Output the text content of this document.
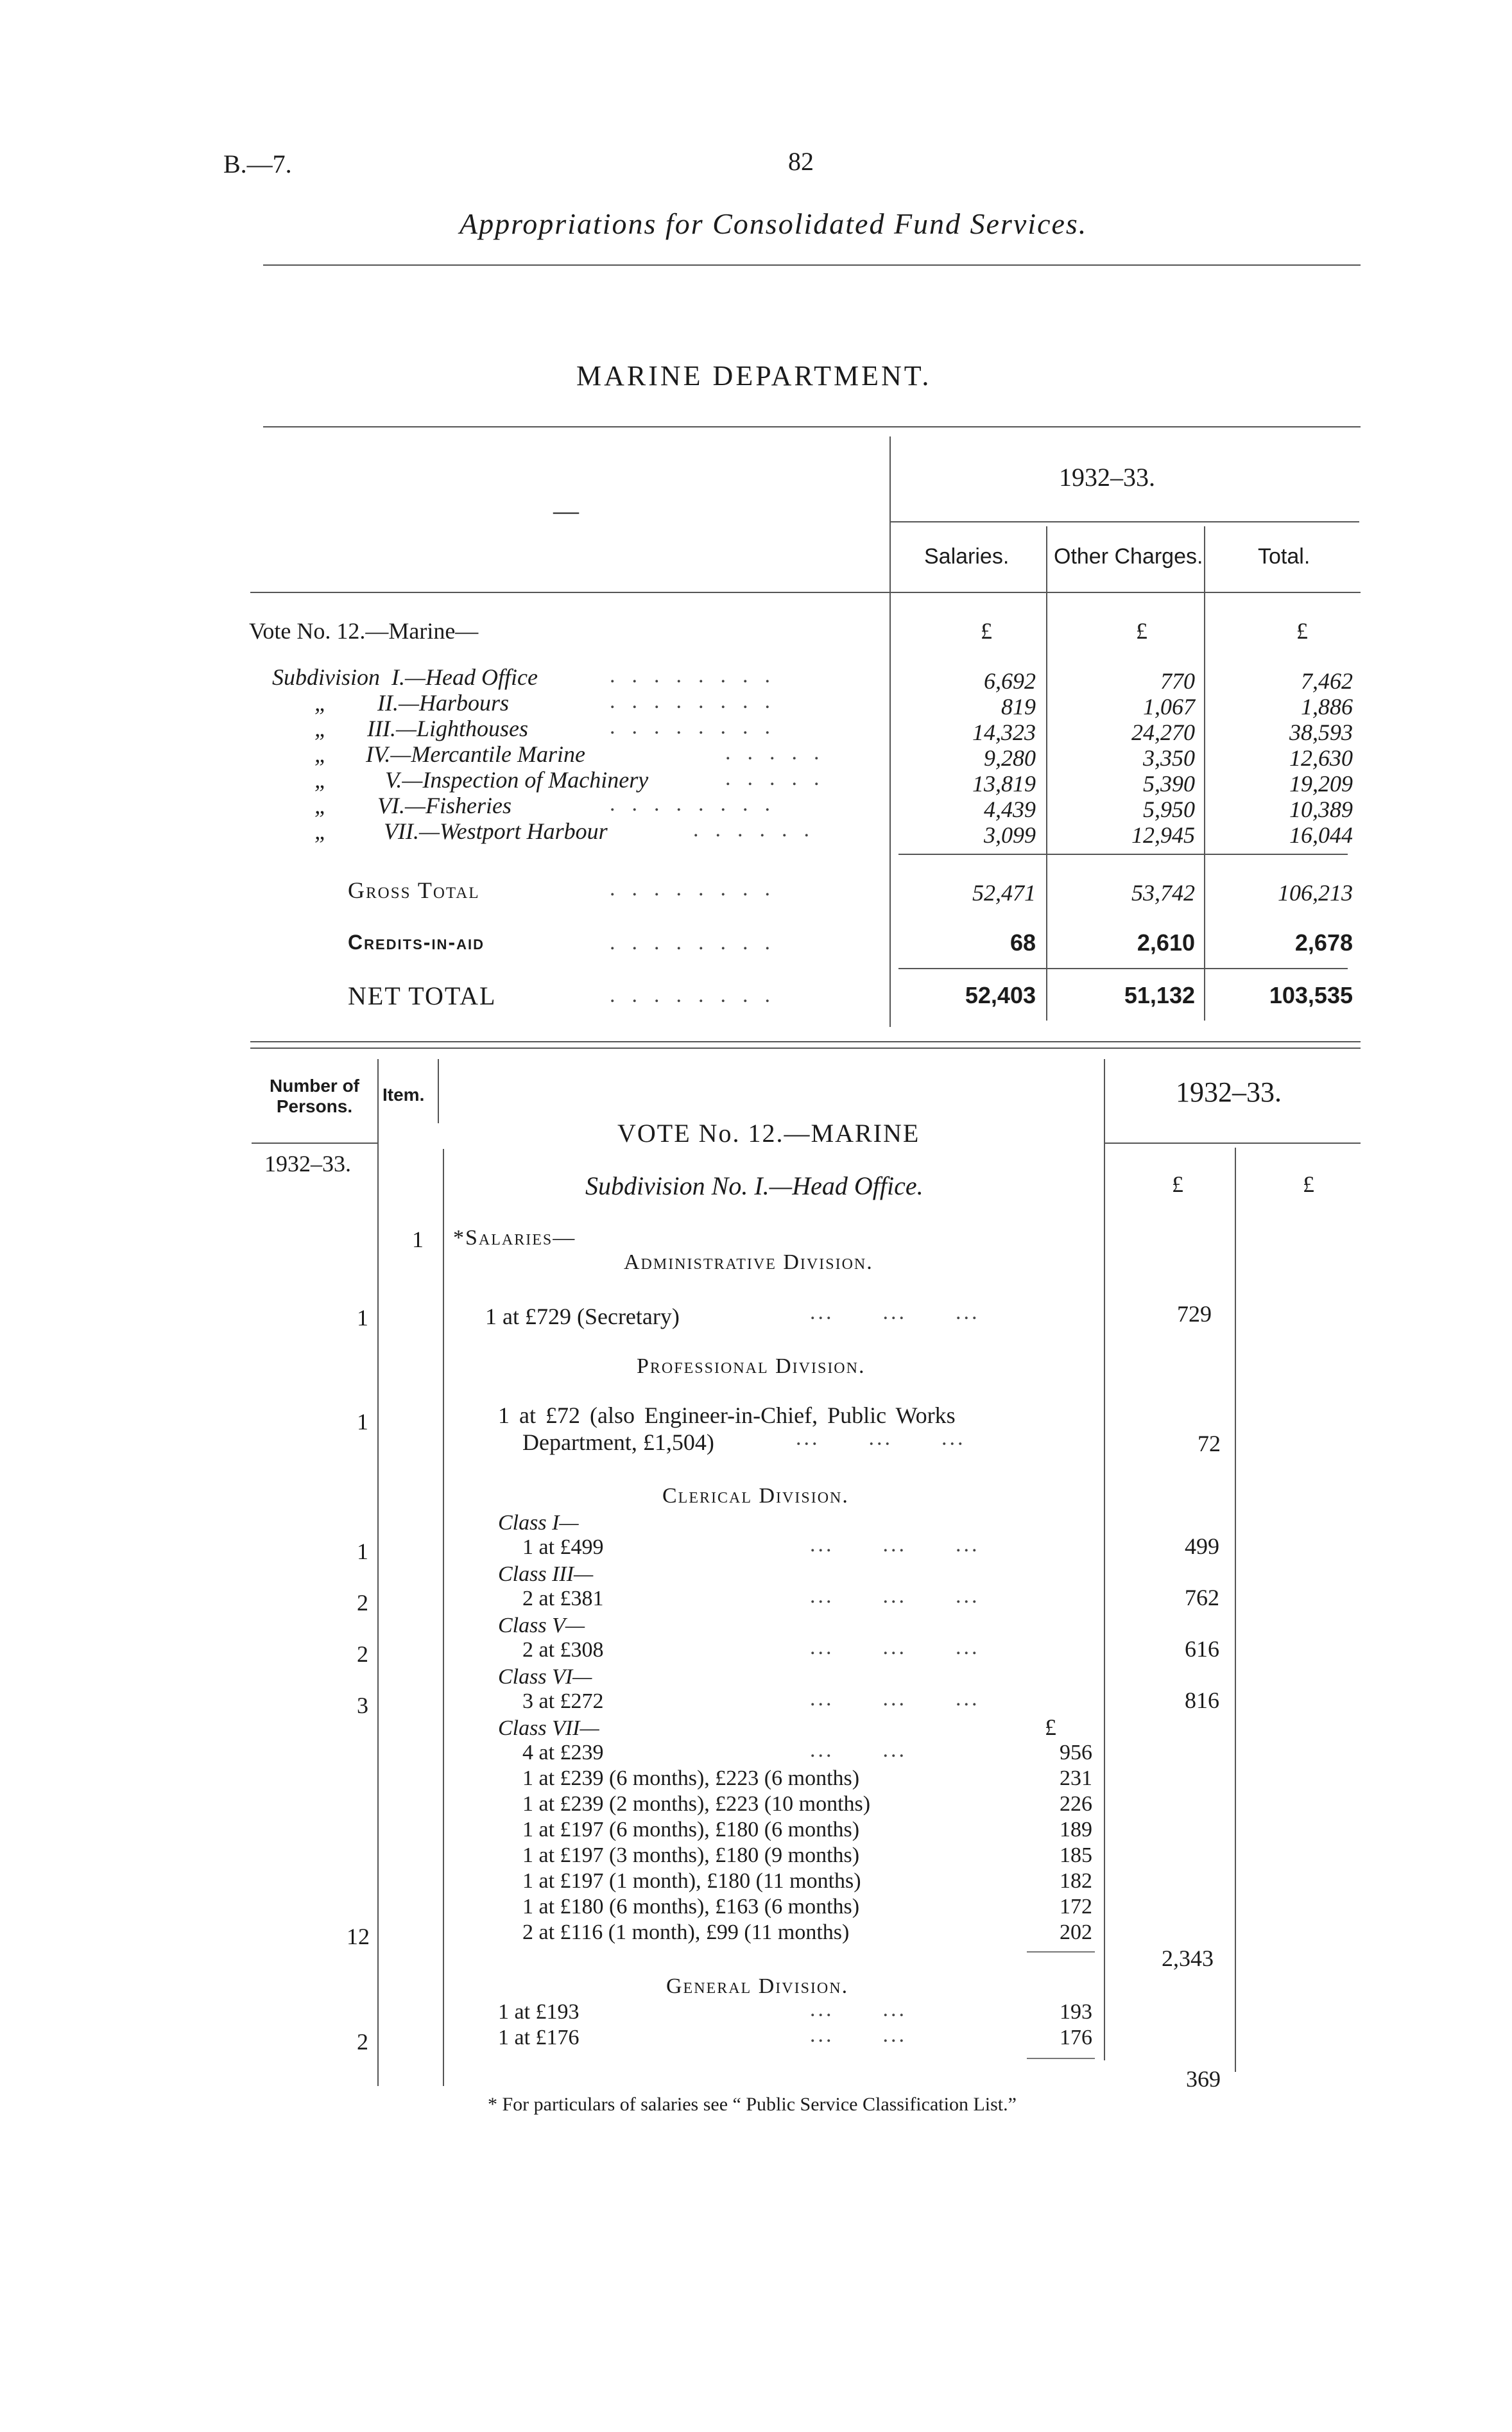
B.—7.	82
Appropriations for Consolidated Fund Services.
MARINE DEPARTMENT.
—
1932–33.
Salaries. Other Charges.	Total.
Vote No. 12.—Marine—	£	£	£
Subdivision I.—Head Office	........	6,692	770	7,462
„ II.—Harbours	........	819	1,067	1,886
„ III.—Lighthouses	........	14,323	24,270	38,593
„ IV.—Mercantile Marine	.....	9,280	3,350	12,630
„ V.—Inspection of Machinery	.....	13,819	5,390	19,209
„ VI.—Fisheries	........	4,439	5,950	10,389
„ VII.—Westport Harbour	......	3,099	12,945	16,044
Gross Total	........	52,471	53,742	106,213
Credits-in-aid	........	68	2,610	2,678
NET TOTAL	........	52,403	51,132	103,535
Number of Persons.
Item.
1932–33.
1932–33.
£	£
VOTE No. 12.—MARINE
Subdivision No. I.—Head Office.
1 *Salaries—
Administrative Division.
1	1 at £729 (Secretary)	...  ...  ...	729
Professional Division.
1	1 at £72 (also Engineer-in-Chief, Public Works
Department, £1,504)	...  ...  ...	72
Clerical Division.
Class I—
1	1 at £499	...  ...  ...	499
Class III—
2	2 at £381	...  ...  ...	762
Class V—
2	2 at £308	...  ...  ...	616
Class VI—
3	3 at £272	...  ...  ...	816
Class VII—	£
4 at £239	...  ...	956
1 at £239 (6 months), £223 (6 months)	231
1 at £239 (2 months), £223 (10 months)	226
1 at £197 (6 months), £180 (6 months)	189
1 at £197 (3 months), £180 (9 months)	185
1 at £197 (1 month), £180 (11 months)	182
1 at £180 (6 months), £163 (6 months)	172
12	2 at £116 (1 month), £99 (11 months)	202
2,343
General Division.
1 at £193	...  ...	193
2	1 at £176	...  ...	176
369
* For particulars of salaries see “ Public Service Classification List.”
